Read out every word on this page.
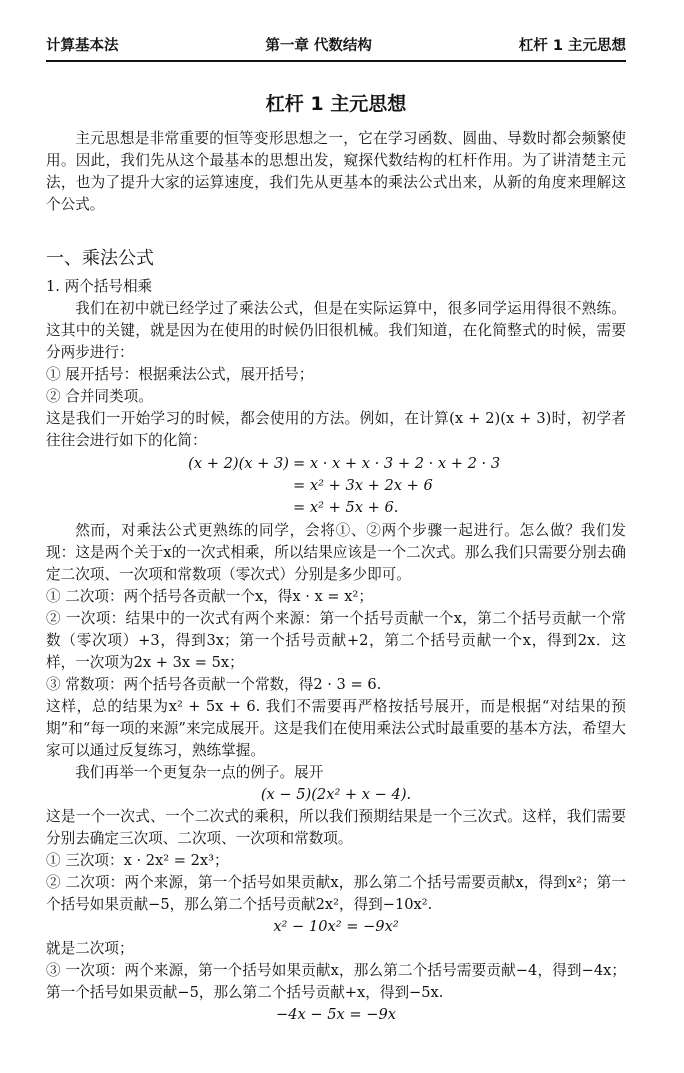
计算基本法	第一章 代数结构	杠杆 1 主元思想
杠杆 1 主元思想

主元思想是非常重要的恒等变形思想之一，它在学习函数、圆曲、导数时都会频繁使用。因此，我们先从这个最基本的思想出发，窥探代数结构的杠杆作用。为了讲清楚主元法，也为了提升大家的运算速度，我们先从更基本的乘法公式出来，从新的角度来理解这个公式。

一、乘法公式
1. 两个括号相乘

我们在初中就已经学过了乘法公式，但是在实际运算中，很多同学运用得很不熟练。这其中的关键，就是因为在使用的时候仍旧很机械。我们知道，在化简整式的时候，需要分两步进行：

① 展开括号：根据乘法公式，展开括号；

② 合并同类项。

这是我们一开始学习的时候，都会使用的方法。例如，在计算(x + 2)(x + 3)时，初学者往往会进行如下的化简：

(x + 2)(x + 3) = x · x + x · 3 + 2 · x + 2 · 3
= x² + 3x + 2x + 6
= x² + 5x + 6.

然而，对乘法公式更熟练的同学，会将①、②两个步骤一起进行。怎么做？我们发现：这是两个关于x的一次式相乘，所以结果应该是一个二次式。那么我们只需要分别去确定二次项、一次项和常数项（零次式）分别是多少即可。

① 二次项：两个括号各贡献一个x，得x · x = x²；

② 一次项：结果中的一次式有两个来源：第一个括号贡献一个x，第二个括号贡献一个常数（零次项）+3，得到3x；第一个括号贡献+2，第二个括号贡献一个x，得到2x．这样，一次项为2x + 3x = 5x；

③ 常数项：两个括号各贡献一个常数，得2 · 3 = 6.

这样，总的结果为x² + 5x + 6. 我们不需要再严格按括号展开，而是根据“对结果的预期”和“每一项的来源”来完成展开。这是我们在使用乘法公式时最重要的基本方法，希望大家可以通过反复练习，熟练掌握。

我们再举一个更复杂一点的例子。展开

(x − 5)(2x² + x − 4).

这是一个一次式、一个二次式的乘积，所以我们预期结果是一个三次式。这样，我们需要分别去确定三次项、二次项、一次项和常数项。

① 三次项：x · 2x² = 2x³；

② 二次项：两个来源，第一个括号如果贡献x，那么第二个括号需要贡献x，得到x²；第一个括号如果贡献−5，那么第二个括号贡献2x²，得到−10x².

x² − 10x² = −9x²

就是二次项；

③ 一次项：两个来源，第一个括号如果贡献x，那么第二个括号需要贡献−4，得到−4x；第一个括号如果贡献−5，那么第二个括号贡献+x，得到−5x.

−4x − 5x = −9x
